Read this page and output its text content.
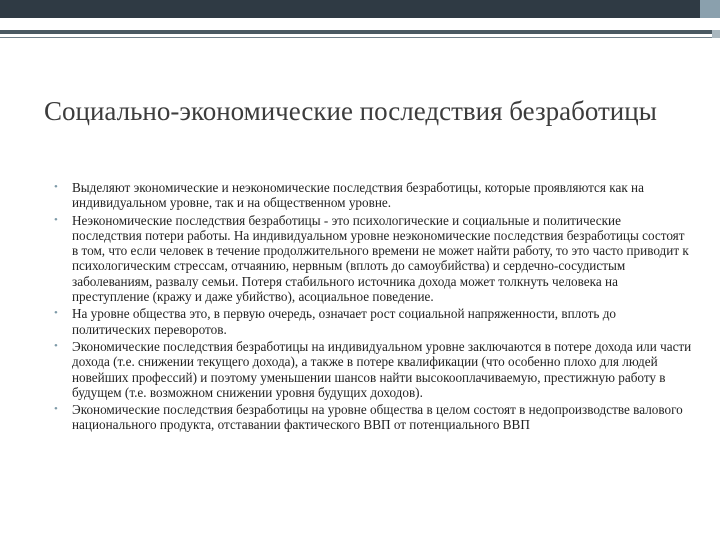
Социально-экономические последствия безработицы
•	Выделяют экономические и неэкономические последствия безработицы, которые проявляются как на индивидуальном уровне, так и на общественном уровне.
•	Неэкономические последствия безработицы - это психологические и социальные и политические последствия потери работы. На индивидуальном уровне неэкономические последствия безработицы состоят в том, что если человек в течение продолжительного времени не может найти работу, то это часто приводит к психологическим стрессам, отчаянию, нервным (вплоть до самоубийства) и сердечно-сосудистым заболеваниям, развалу семьи. Потеря стабильного источника дохода может толкнуть человека на преступление (кражу и даже убийство), асоциальное поведение.
•	На уровне общества это, в первую очередь, означает рост социальной напряженности, вплоть до политических переворотов.
•	Экономические последствия безработицы на индивидуальном уровне заключаются в потере дохода или части дохода (т.е. снижении текущего дохода), а также в потере квалификации (что особенно плохо для людей новейших профессий) и поэтому уменьшении шансов найти высокооплачиваемую, престижную работу в будущем (т.е. возможном снижении уровня будущих доходов).
•	Экономические последствия безработицы на уровне общества в целом состоят в недопроизводстве валового национального продукта, отставании фактического ВВП от потенциального ВВП
